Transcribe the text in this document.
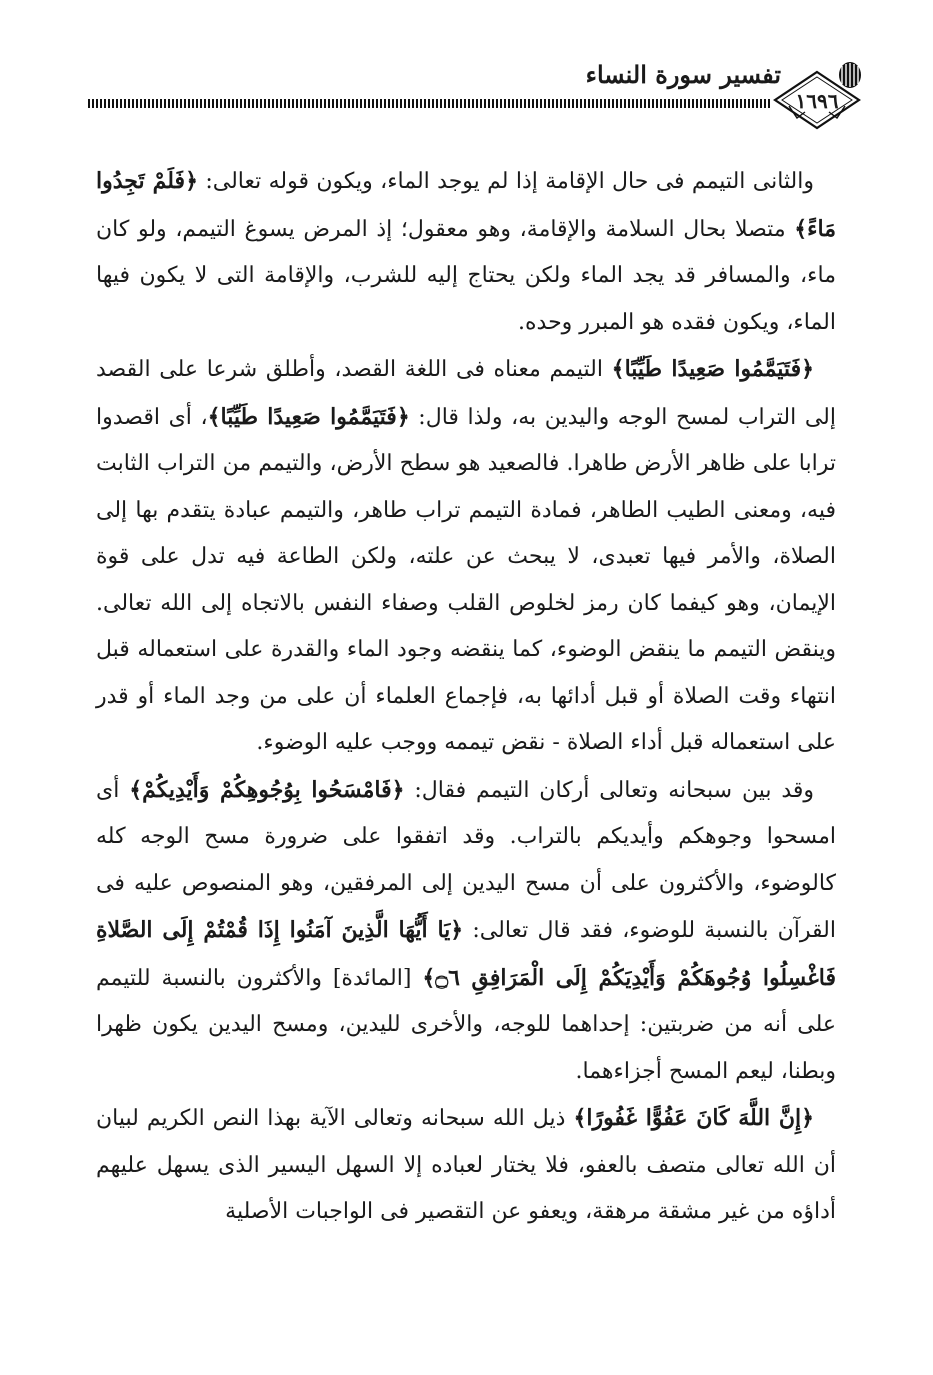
تفسير سورة النساء
١٦٩٦

والثانى التيمم فى حال الإقامة إذا لم يوجد الماء، ويكون قوله تعالى: ﴿فَلَمْ تَجِدُوا مَاءً﴾ متصلا بحال السلامة والإقامة، وهو معقول؛ إذ المرض يسوغ التيمم، ولو كان ماء، والمسافر قد يجد الماء ولكن يحتاج إليه للشرب، والإقامة التى لا يكون فيها الماء، ويكون فقده هو المبرر وحده.

﴿فَتَيَمَّمُوا صَعِيدًا طَيِّبًا﴾ التيمم معناه فى اللغة القصد، وأطلق شرعا على القصد إلى التراب لمسح الوجه واليدين به، ولذا قال: ﴿فَتَيَمَّمُوا صَعِيدًا طَيِّبًا﴾، أى اقصدوا ترابا على ظاهر الأرض طاهرا. فالصعيد هو سطح الأرض، والتيمم من التراب الثابت فيه، ومعنى الطيب الطاهر، فمادة التيمم تراب طاهر، والتيمم عبادة يتقدم بها إلى الصلاة، والأمر فيها تعبدى، لا يبحث عن علته، ولكن الطاعة فيه تدل على قوة الإيمان، وهو كيفما كان رمز لخلوص القلب وصفاء النفس بالاتجاه إلى الله تعالى. وينقض التيمم ما ينقض الوضوء، كما ينقضه وجود الماء والقدرة على استعماله قبل انتهاء وقت الصلاة أو قبل أدائها به، فإجماع العلماء أن على من وجد الماء أو قدر على استعماله قبل أداء الصلاة - نقض تيممه ووجب عليه الوضوء.

وقد بين سبحانه وتعالى أركان التيمم فقال: ﴿فَامْسَحُوا بِوُجُوهِكُمْ وَأَيْدِيكُمْ﴾ أى امسحوا وجوهكم وأيديكم بالتراب. وقد اتفقوا على ضرورة مسح الوجه كله كالوضوء، والأكثرون على أن مسح اليدين إلى المرفقين، وهو المنصوص عليه فى القرآن بالنسبة للوضوء، فقد قال تعالى: ﴿يَا أَيُّهَا الَّذِينَ آمَنُوا إِذَا قُمْتُمْ إِلَى الصَّلاةِ فَاغْسِلُوا وُجُوهَكُمْ وَأَيْدِيَكُمْ إِلَى الْمَرَافِقِ ۝٦﴾ [المائدة] والأكثرون بالنسبة للتيمم على أنه من ضربتين: إحداهما للوجه، والأخرى لليدين، ومسح اليدين يكون ظهرا وبطنا، ليعم المسح أجزاءهما.

﴿إِنَّ اللَّهَ كَانَ عَفُوًّا غَفُورًا﴾ ذيل الله سبحانه وتعالى الآية بهذا النص الكريم لبيان أن الله تعالى متصف بالعفو، فلا يختار لعباده إلا السهل اليسير الذى يسهل عليهم أداؤه من غير مشقة مرهقة، ويعفو عن التقصير فى الواجبات الأصلية
